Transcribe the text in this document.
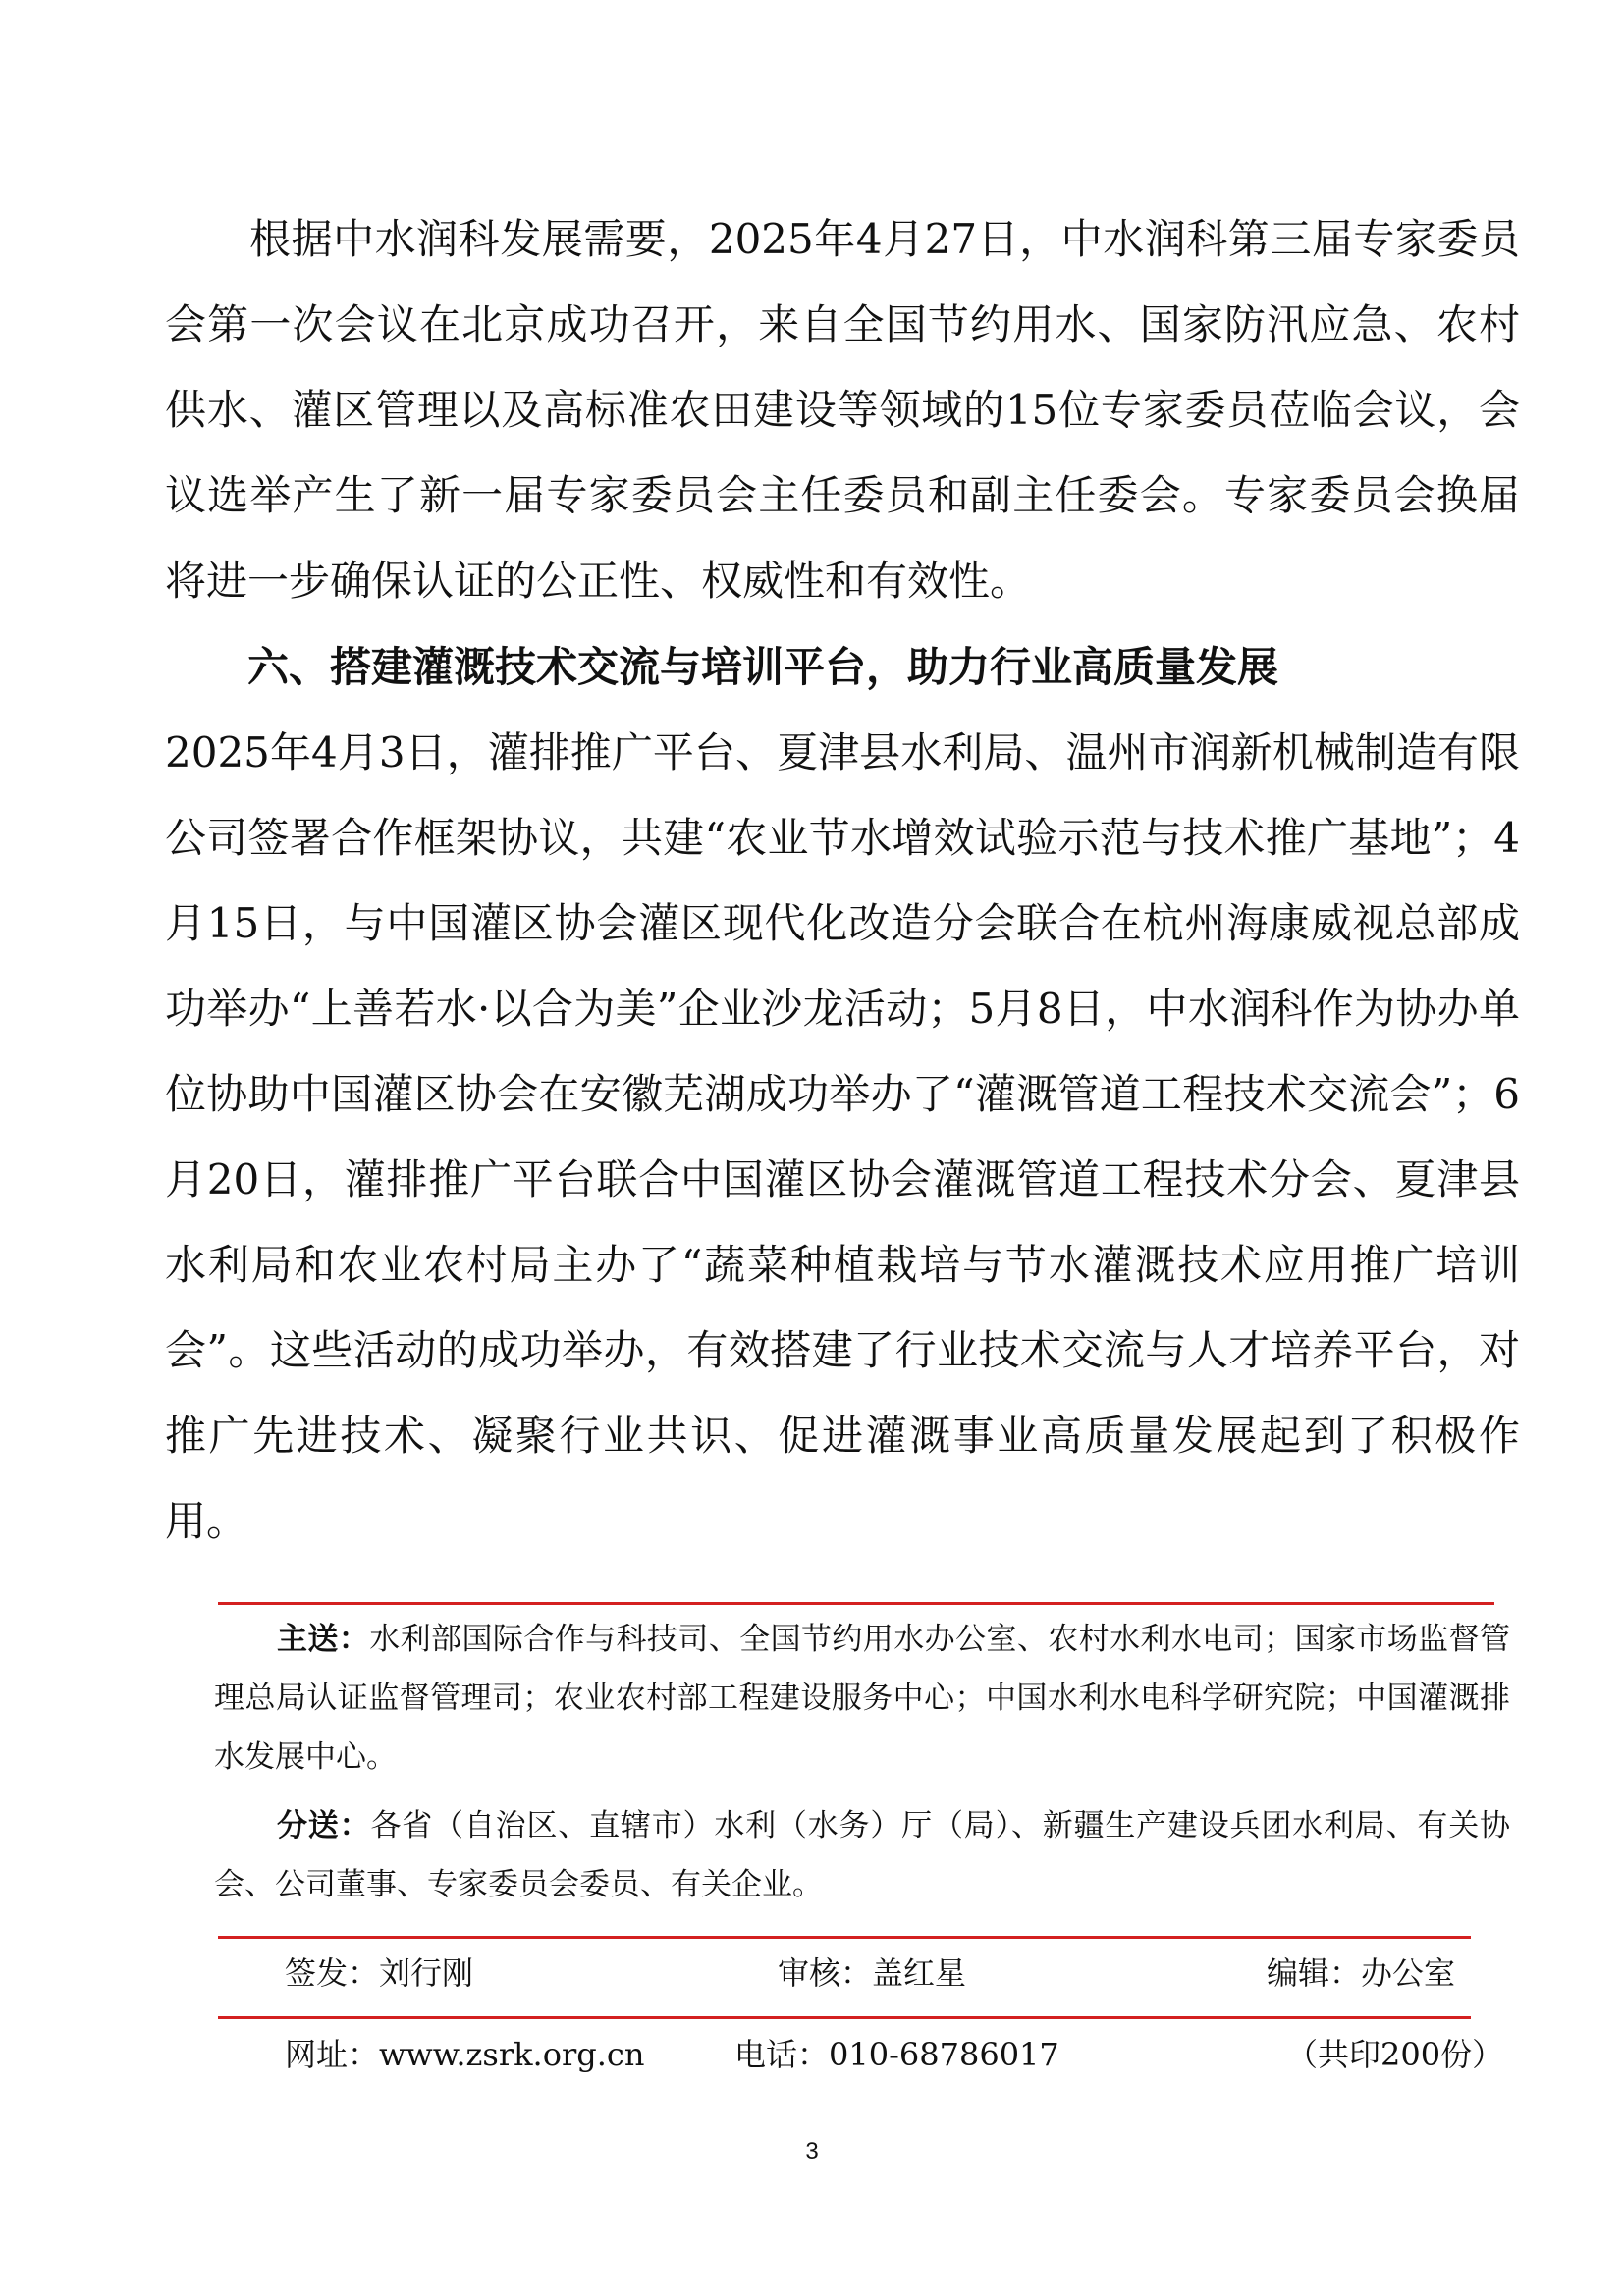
根据中水润科发展需要，2025年4月27日，中水润科第三届专家委员会第一次会议在北京成功召开，来自全国节约用水、国家防汛应急、农村供水、灌区管理以及高标准农田建设等领域的15位专家委员莅临会议，会议选举产生了新一届专家委员会主任委员和副主任委会。专家委员会换届将进一步确保认证的公正性、权威性和有效性。

六、搭建灌溉技术交流与培训平台，助力行业高质量发展

2025年4月3日，灌排推广平台、夏津县水利局、温州市润新机械制造有限公司签署合作框架协议，共建“农业节水增效试验示范与技术推广基地”；4月15日，与中国灌区协会灌区现代化改造分会联合在杭州海康威视总部成功举办“上善若水·以合为美”企业沙龙活动；5月8日，中水润科作为协办单位协助中国灌区协会在安徽芜湖成功举办了“灌溉管道工程技术交流会”；6月20日，灌排推广平台联合中国灌区协会灌溉管道工程技术分会、夏津县水利局和农业农村局主办了“蔬菜种植栽培与节水灌溉技术应用推广培训会”。这些活动的成功举办，有效搭建了行业技术交流与人才培养平台，对推广先进技术、凝聚行业共识、促进灌溉事业高质量发展起到了积极作用。

主送：水利部国际合作与科技司、全国节约用水办公室、农村水利水电司；国家市场监督管理总局认证监督管理司；农业农村部工程建设服务中心；中国水利水电科学研究院；中国灌溉排水发展中心。

分送：各省（自治区、直辖市）水利（水务）厅（局）、新疆生产建设兵团水利局、有关协会、公司董事、专家委员会委员、有关企业。

签发：刘行刚	审核：盖红星	编辑：办公室

网址：www.zsrk.org.cn	电话：010-68786017	（共印200份）

3
